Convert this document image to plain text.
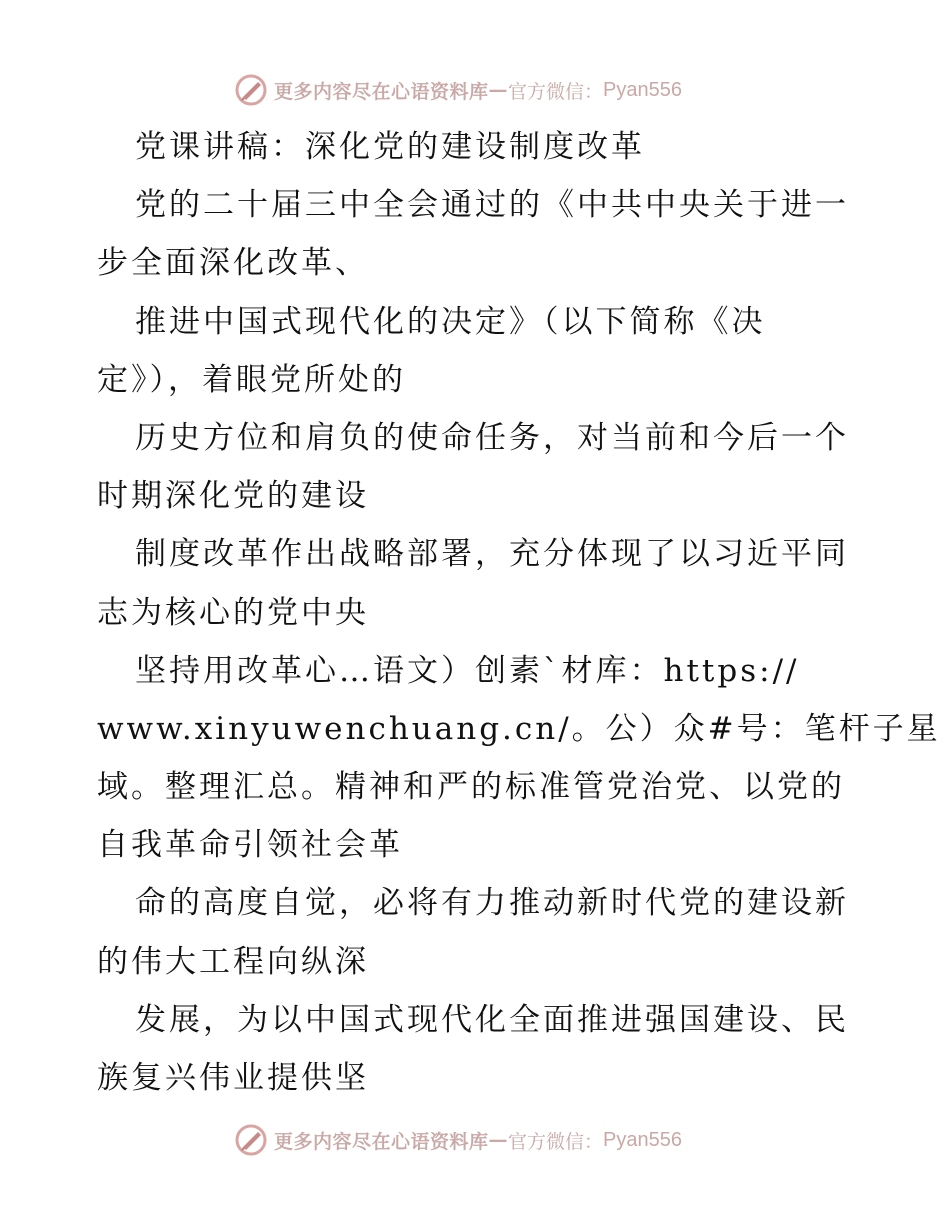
更多内容尽在心语资料库 — 官方微信： Pyan556
党课讲稿：深化党的建设制度改革
党的二十届三中全会通过的《中共中央关于进一
步全面深化改革、
推进中国式现代化的决定》（以下简称《决
定》），着眼党所处的
历史方位和肩负的使命任务，对当前和今后一个
时期深化党的建设
制度改革作出战略部署，充分体现了以习近平同
志为核心的党中央
坚持用改革心…语文）创素`材库：https://
www.xinyuwenchuang.cn/。公）众#号：笔杆子星
域。整理汇总。精神和严的标准管党治党、以党的
自我革命引领社会革
命的高度自觉，必将有力推动新时代党的建设新
的伟大工程向纵深
发展，为以中国式现代化全面推进强国建设、民
族复兴伟业提供坚
更多内容尽在心语资料库 — 官方微信： Pyan556
